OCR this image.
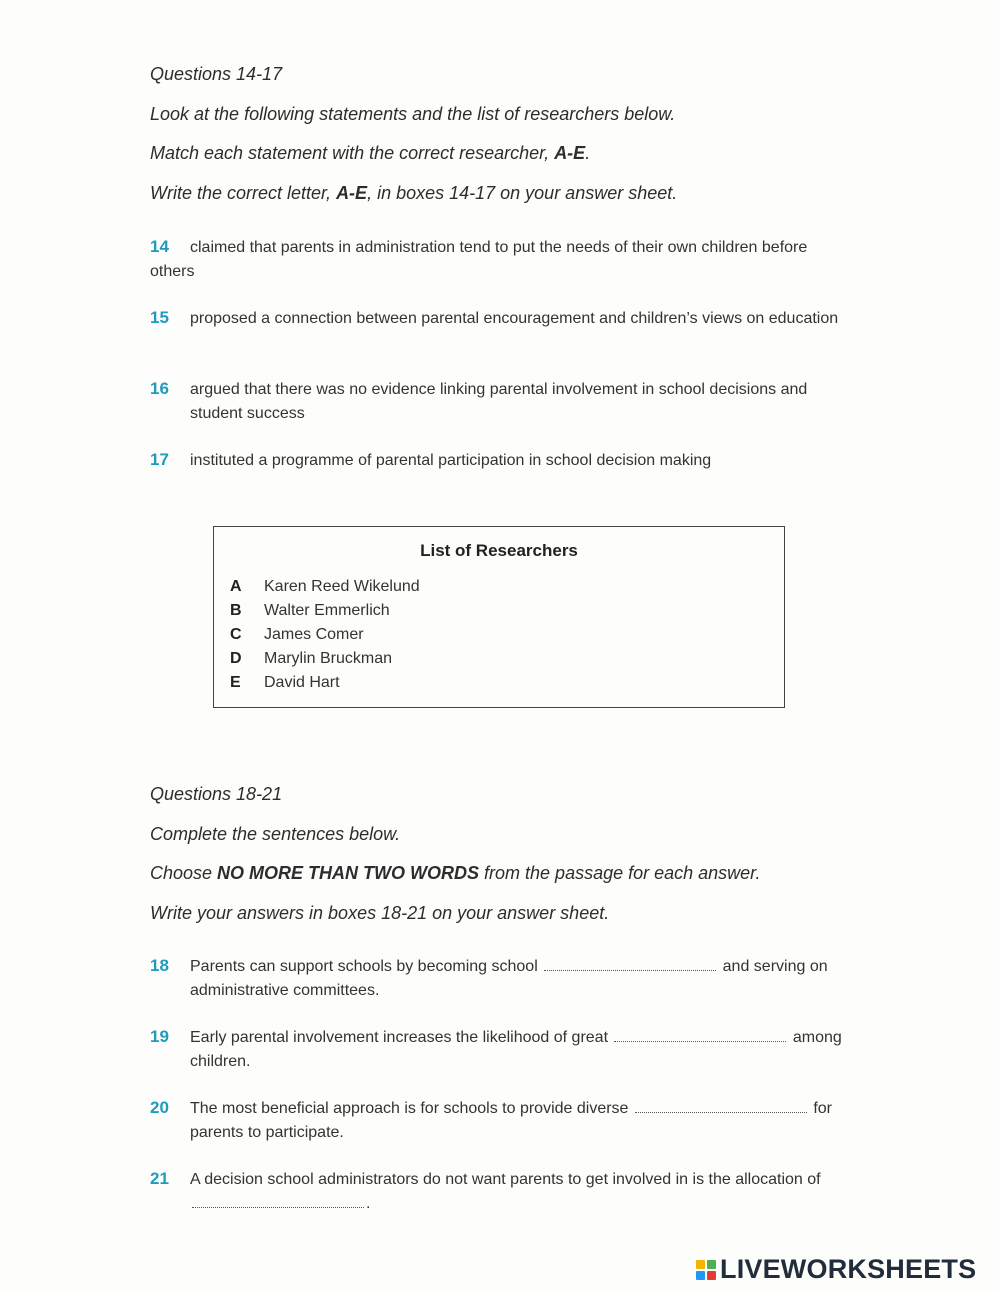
Questions 14-17
Look at the following statements and the list of researchers below.
Match each statement with the correct researcher, A-E.
Write the correct letter, A-E, in boxes 14-17 on your answer sheet.
14	claimed that parents in administration tend to put the needs of their own children before others
15 proposed a connection between parental encouragement and children’s views on education
16 argued that there was no evidence linking parental involvement in school decisions and student success
17 instituted a programme of parental participation in school decision making
List of Researchers
A Karen Reed Wikelund
B Walter Emmerlich
C James Comer
D Marylin Bruckman
E David Hart
Questions 18-21
Complete the sentences below.
Choose NO MORE THAN TWO WORDS from the passage for each answer.
Write your answers in boxes 18-21 on your answer sheet.
18 Parents can support schools by becoming school	and serving on administrative committees.
19 Early parental involvement increases the likelihood of great	among children.
20 The most beneficial approach is for schools to provide diverse	for parents to participate.
21 A decision school administrators do not want parents to get involved in is the allocation of .
LIVEWORKSHEETS
